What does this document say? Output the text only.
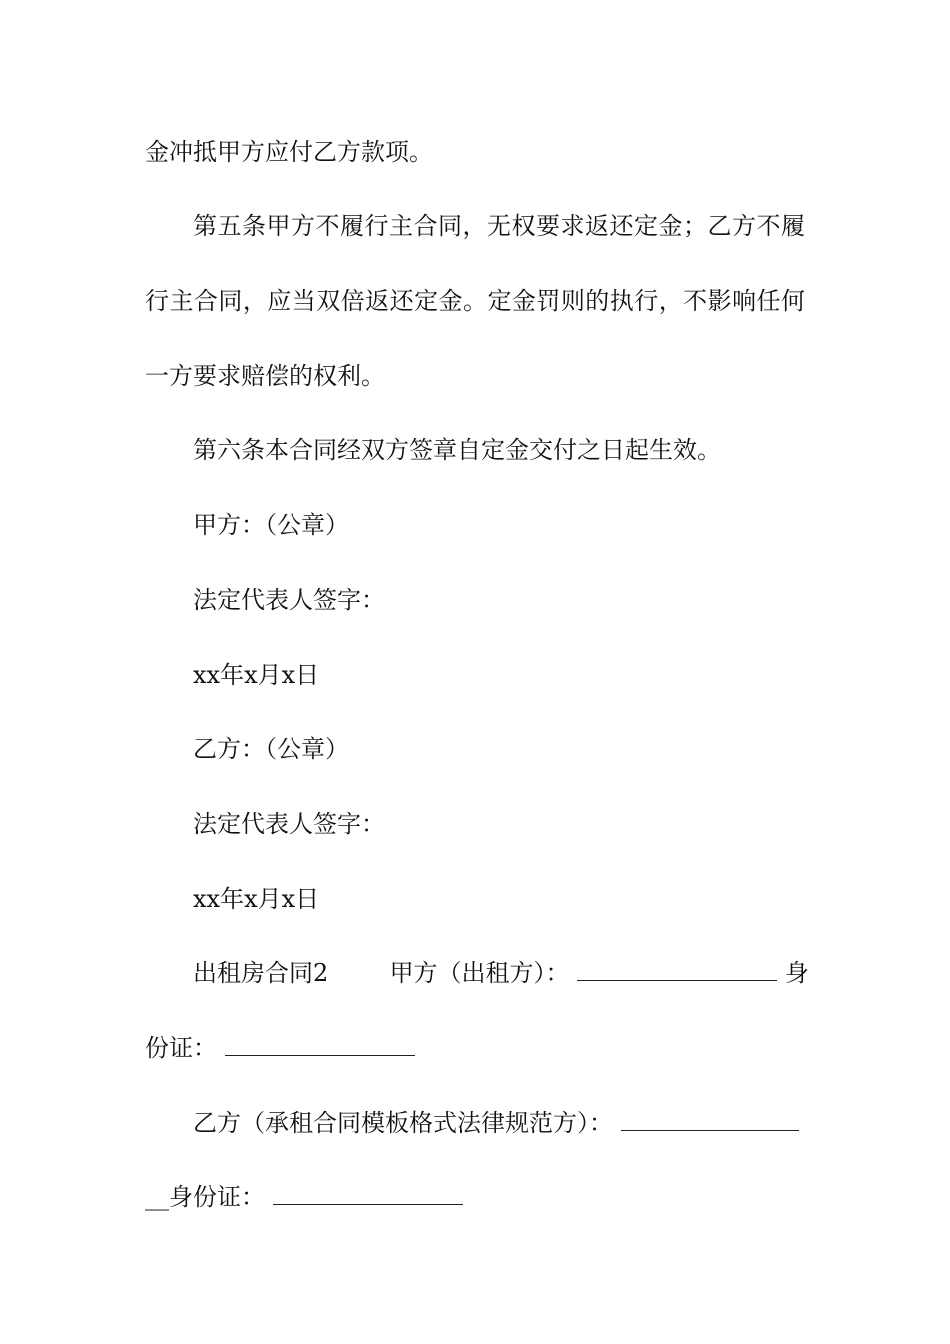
金冲抵甲方应付乙方款项。
第五条甲方不履行主合同，无权要求返还定金；乙方不履
行主合同，应当双倍返还定金。定金罚则的执行，不影响任何
一方要求赔偿的权利。
第六条本合同经双方签章自定金交付之日起生效。
甲方：（公章）
法定代表人签字：
xx年x月x日
乙方：（公章）
法定代表人签字：
xx年x月x日
出租房合同2	甲方（出租方）：	身
份证：
乙方（承租合同模板格式法律规范方）：
__身份证：
